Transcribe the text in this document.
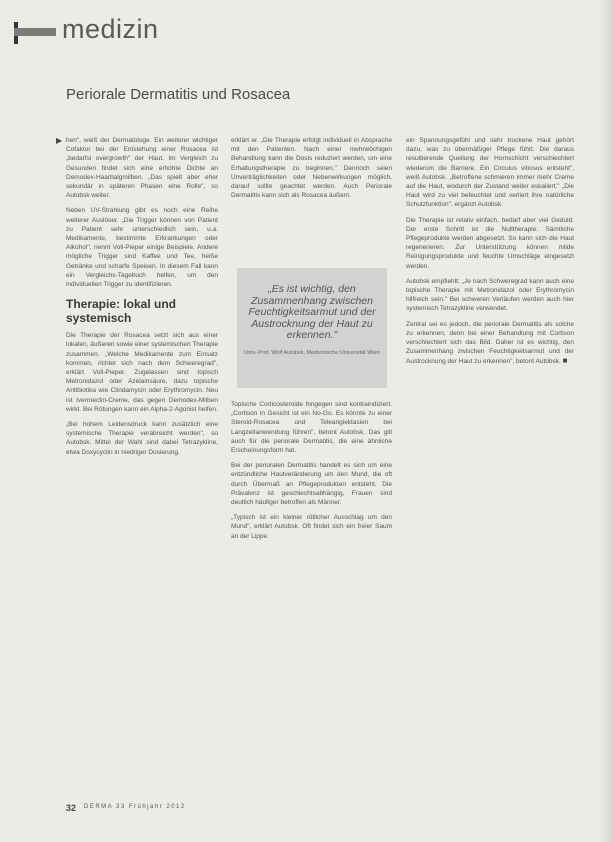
medizin
Periorale Dermatitis und Rosacea
▶ hen", weiß der Dermatologe. Ein weiterer wichtiger Cofaktor bei der Entstehung einer Rosacea ist „bedarfsl overgrowth" der Haut. Im Vergleich zu Gesunden findet sich eine erhöhte Dichte an Demodex-Haarbalgmilben. „Das spielt aber eher sekundär in späteren Phasen eine Rolle", so Autobsk weiter.

Neben UV-Strahlung gibt es noch eine Reihe weiterer Auslöser. „Die Trigger können von Patient zu Patient sehr unterschiedlich sein, u.a. Medikamente, bestimmte Erkrankungen oder Alkohol", nennt Voll-Pieper einige Beispiele. Andere mögliche Trigger sind Kaffee und Tee, heiße Getränke und scharfe Speisen. In diesem Fall kann ein Vergleichs-Tagebuch helfen, um den individuellen Trigger zu identifizieren.

Therapie: lokal und systemisch

Die Therapie der Rosacea setzt sich aus einer lokalen, äußeren sowie einer systemischen Therapie zusammen. „Welche Medikamente zum Einsatz kommen, richtet sich nach dem Schweregrad", erklärt Voll-Pieper. Zugelassen sind topisch Metronidazol oder Azelainsäure, dazu topische Antibiotika wie Clindamycin oder Erythromycin. Neu ist Ivermectin-Creme, das gegen Demodex-Milben wirkt. Bei Rötungen kann ein Alpha-2-Agonist helfen.

„Bei hohem Leidensdruck kann zusätzlich eine systemische Therapie verabreicht werden", so Autobsk. Mittel der Wahl sind dabei Tetrazykline, etwa Doxycyclin in niedriger Dosierung.

erklärt er. „Die Therapie erfolgt individuell in Absprache mit den Patienten. Nach einer mehrwöchigen Behandlung kann die Dosis reduziert werden, um eine Erhaltungstherapie zu beginnen." Dennoch seien Unverträglichkeiten oder Nebenwirkungen möglich, darauf sollte geachtet werden. Auch Periorale Dermatitis kann sich als Rosacea äußern.

„Es ist wichtig, den Zusammenhang zwischen Feuchtigkeitsarmut und der Austrocknung der Haut zu erkennen."
Univ.-Prof. Wolf Autobsk, Medizinische Universität Wien

Topische Corticosteroide hingegen sind kontraindiziert. „Cortison in Gesicht ist ein No-Go. Es könnte zu einer Steroid-Rosacea und Teleangiektasien bei Langzeitanwendung führen", betont Autobsk. Das gilt auch für die periorale Dermatitis, die eine ähnliche Erscheinungsform hat.

Bei der perioralen Dermatitis handelt es sich um eine entzündliche Hautveränderung um den Mund, die oft durch Übermaß an Pflegeprodukten entsteht. Die Prävalenz ist geschlechtsabhängig, Frauen sind deutlich häufiger betroffen als Männer.

„Typisch ist ein kleiner rötlicher Ausschlag um den Mund", erklärt Autobsk. Oft findet sich ein freier Saum an der Lippe.

ein Spannungsgefühl und sehr trockene Haut gehört dazu, was zu übermäßiger Pflege führt. Die daraus resultierende Quellung der Hornschicht verschlechtert wiederum die Barriere. Ein Circulus vitiosus entsteht", weiß Autobsk. „Betroffene schmieren immer mehr Creme auf die Haut, wodurch der Zustand weiter eskaliert." „Die Haut wird zu viel befeuchtet und verliert ihre natürliche Schutzfunktion", ergänzt Autobsk.

Die Therapie ist relativ einfach, bedarf aber viel Geduld. Der erste Schritt ist die Nulltherapie: Sämtliche Pflegeprodukte werden abgesetzt. So kann sich die Haut regenerieren. Zur Unterstützung können milde Reinigungsprodukte und feuchte Umschläge eingesetzt werden.

Autobsk empfiehlt: „Je nach Schweregrad kann auch eine topische Therapie mit Metronidazol oder Erythromycin hilfreich sein." Bei schweren Verläufen werden auch hier systemisch Tetrazykline verwendet.

Zentral sei es jedoch, die periorale Dermatitis als solche zu erkennen, denn bei einer Behandlung mit Cortison verschlechtert sich das Bild. Daher ist es wichtig, den Zusammenhang zwischen Feuchtigkeitsarmut und der Austrocknung der Haut zu erkennen", betont Autobsk. ■

32 DERMA 33 Frühjahr 2012
